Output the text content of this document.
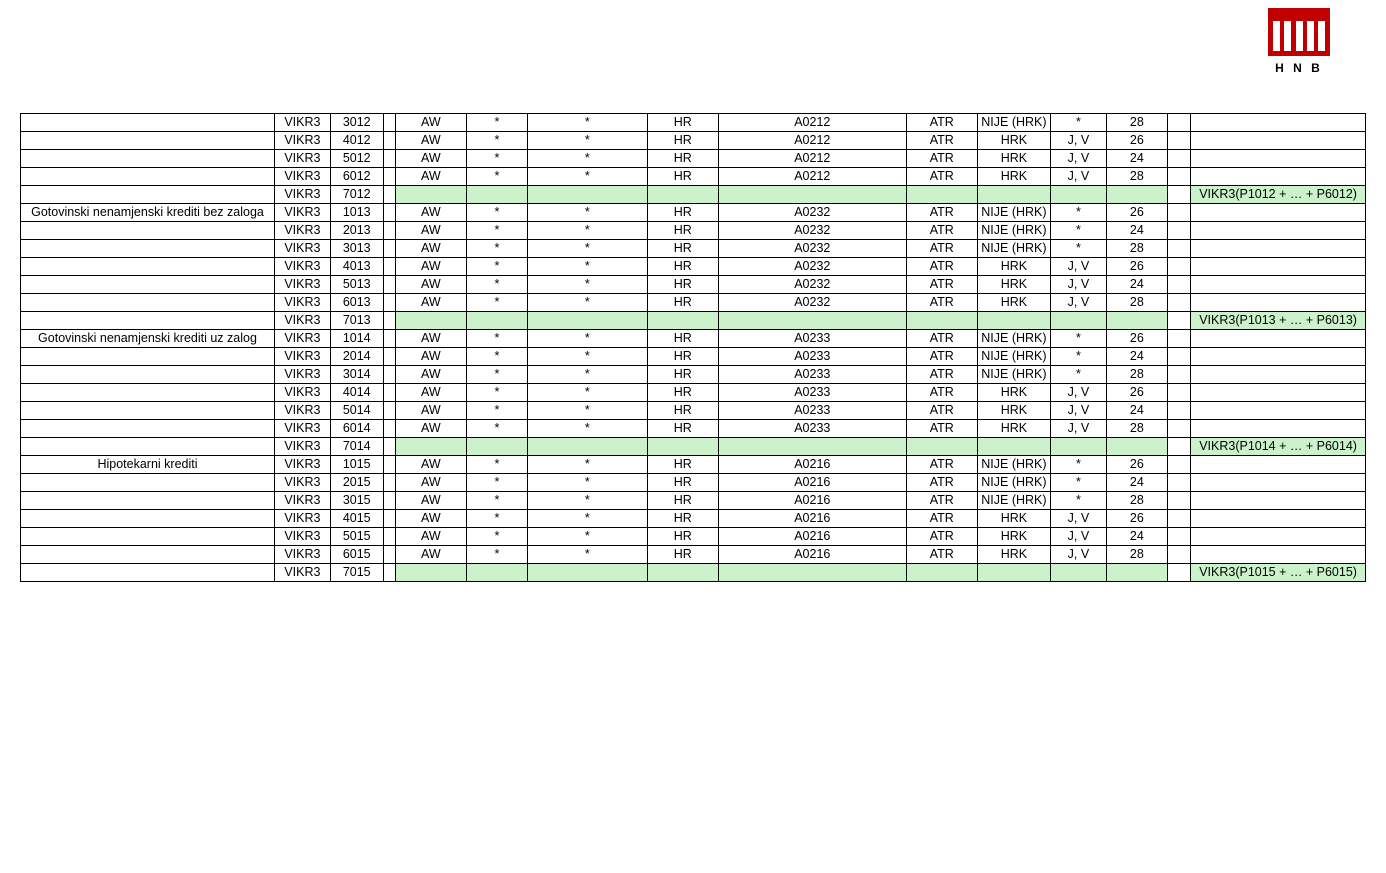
H N B
	VIKR3	3012		AW	*	*	HR	A0212	ATR	NIJE (HRK)	*	28		
	VIKR3	4012		AW	*	*	HR	A0212	ATR	HRK	J, V	26		
	VIKR3	5012		AW	*	*	HR	A0212	ATR	HRK	J, V	24		
	VIKR3	6012		AW	*	*	HR	A0212	ATR	HRK	J, V	28		
	VIKR3	7012												VIKR3(P1012 + … + P6012)
Gotovinski nenamjenski krediti bez zaloga	VIKR3	1013		AW	*	*	HR	A0232	ATR	NIJE (HRK)	*	26		
	VIKR3	2013		AW	*	*	HR	A0232	ATR	NIJE (HRK)	*	24		
	VIKR3	3013		AW	*	*	HR	A0232	ATR	NIJE (HRK)	*	28		
	VIKR3	4013		AW	*	*	HR	A0232	ATR	HRK	J, V	26		
	VIKR3	5013		AW	*	*	HR	A0232	ATR	HRK	J, V	24		
	VIKR3	6013		AW	*	*	HR	A0232	ATR	HRK	J, V	28		
	VIKR3	7013												VIKR3(P1013 + … + P6013)
Gotovinski nenamjenski krediti uz zalog	VIKR3	1014		AW	*	*	HR	A0233	ATR	NIJE (HRK)	*	26		
	VIKR3	2014		AW	*	*	HR	A0233	ATR	NIJE (HRK)	*	24		
	VIKR3	3014		AW	*	*	HR	A0233	ATR	NIJE (HRK)	*	28		
	VIKR3	4014		AW	*	*	HR	A0233	ATR	HRK	J, V	26		
	VIKR3	5014		AW	*	*	HR	A0233	ATR	HRK	J, V	24		
	VIKR3	6014		AW	*	*	HR	A0233	ATR	HRK	J, V	28		
	VIKR3	7014												VIKR3(P1014 + … + P6014)
Hipotekarni krediti	VIKR3	1015		AW	*	*	HR	A0216	ATR	NIJE (HRK)	*	26		
	VIKR3	2015		AW	*	*	HR	A0216	ATR	NIJE (HRK)	*	24		
	VIKR3	3015		AW	*	*	HR	A0216	ATR	NIJE (HRK)	*	28		
	VIKR3	4015		AW	*	*	HR	A0216	ATR	HRK	J, V	26		
	VIKR3	5015		AW	*	*	HR	A0216	ATR	HRK	J, V	24		
	VIKR3	6015		AW	*	*	HR	A0216	ATR	HRK	J, V	28		
	VIKR3	7015												VIKR3(P1015 + … + P6015)
